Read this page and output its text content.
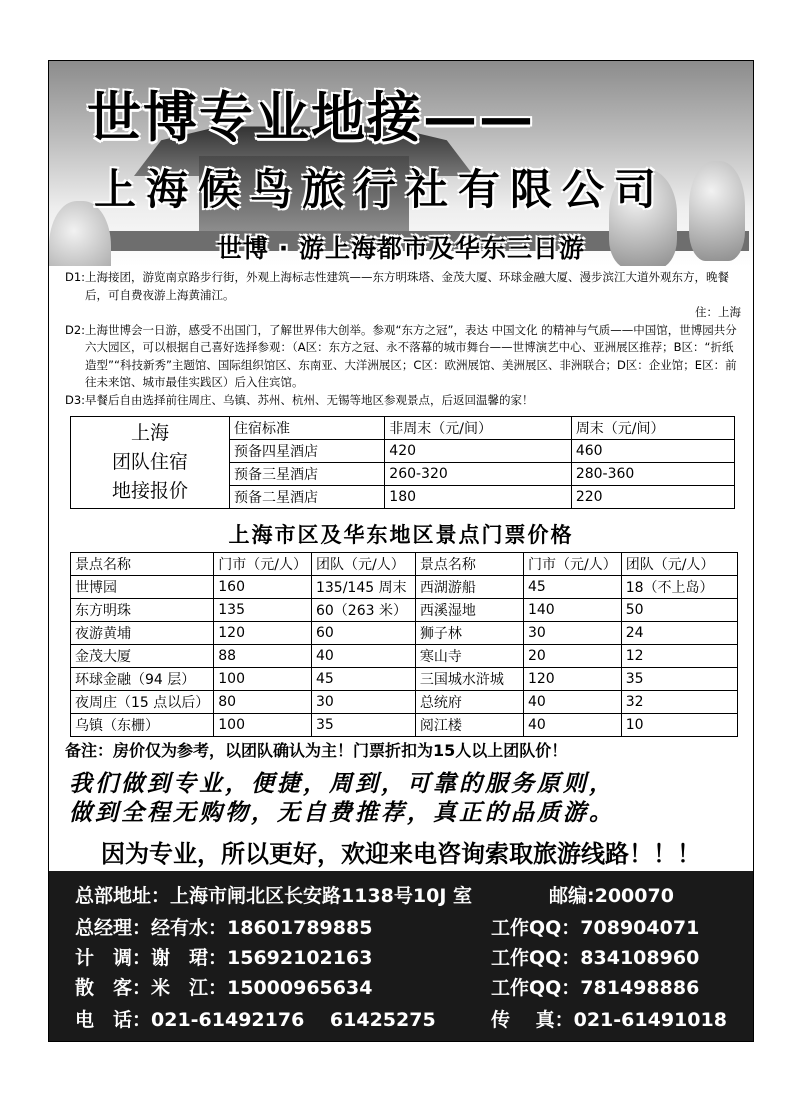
世博专业地接——
上海候鸟旅行社有限公司
世博 · 游上海都市及华东三日游
D1: 上海接团，游览南京路步行街，外观上海标志性建筑——东方明珠塔、金茂大厦、环球金融大厦、漫步滨江大道外观东方，晚餐后，可自费夜游上海黄浦江。
住：上海
D2: 上海世博会一日游，感受不出国门，了解世界伟大创举。参观“东方之冠”，表达 中国文化 的精神与气质——中国馆，世博园共分六大园区，可以根据自己喜好选择参观：（A区：东方之冠、永不落幕的城市舞台——世博演艺中心、亚洲展区推荐；B区：“折纸造型”“科技新秀”主题馆、国际组织馆区、东南亚、大洋洲展区；C区：欧洲展馆、美洲展区、非洲联合；D区：企业馆；E区：前往未来馆、城市最佳实践区）后入住宾馆。
D3: 早餐后自由选择前往周庄、乌镇、苏州、杭州、无锡等地区参观景点，后返回温馨的家！
上海
团队住宿
地接报价	住宿标准	非周末（元/间）	周末（元/间）
	预备四星酒店	420	460
	预备三星酒店	260-320	280-360
	预备二星酒店	180	220
上海市区及华东地区景点门票价格
景点名称	门市（元/人）	团队（元/人）	景点名称	门市（元/人）	团队（元/人）
世博园	160	135/145 周末	西湖游船	45	18（不上岛）
东方明珠	135	60（263 米）	西溪湿地	140	50
夜游黄埔	120	60	狮子林	30	24
金茂大厦	88	40	寒山寺	20	12
环球金融（94 层）	100	45	三国城水浒城	120	35
夜周庄（15 点以后）	80	30	总统府	40	32
乌镇（东栅）	100	35	阅江楼	40	10
备注：房价仅为参考，以团队确认为主！门票折扣为15人以上团队价！
我们做到专业，便捷，周到，可靠的服务原则，
做到全程无购物，无自费推荐，真正的品质游。
因为专业，所以更好，欢迎来电咨询索取旅游线路！！！
总部地址：上海市闸北区长安路1138号10J 室	邮编:200070
总经理：经有水：18601789885	工作QQ：708904071
计　调：谢　珺：15692102163	工作QQ：834108960
散　客：米　江：15000965634	工作QQ：781498886
电　话：021-61492176　 61425275	传　 真：021-61491018
